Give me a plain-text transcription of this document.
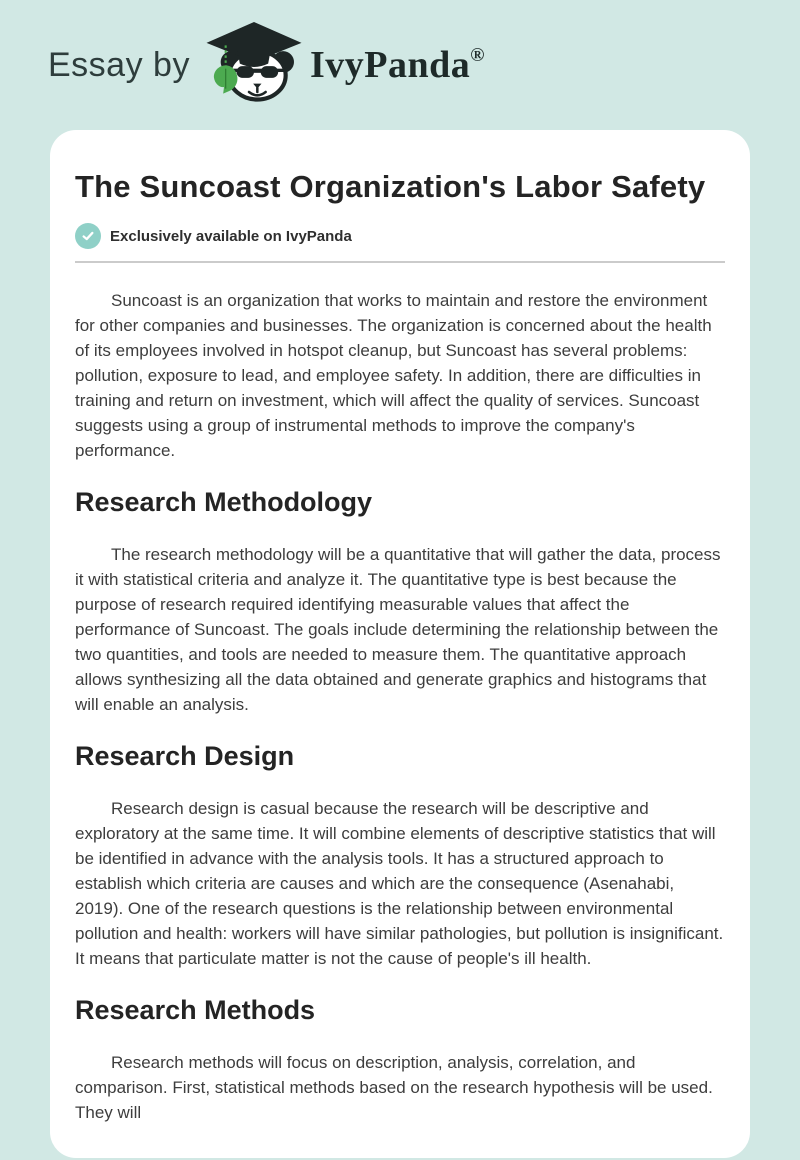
Essay by	IvyPanda®
The Suncoast Organization's Labor Safety
Exclusively available on IvyPanda

Suncoast is an organization that works to maintain and restore the environment for other companies and businesses. The organization is concerned about the health of its employees involved in hotspot cleanup, but Suncoast has several problems: pollution, exposure to lead, and employee safety. In addition, there are difficulties in training and return on investment, which will affect the quality of services. Suncoast suggests using a group of instrumental methods to improve the company's performance.

Research Methodology

The research methodology will be a quantitative that will gather the data, process it with statistical criteria and analyze it. The quantitative type is best because the purpose of research required identifying measurable values that affect the performance of Suncoast. The goals include determining the relationship between the two quantities, and tools are needed to measure them. The quantitative approach allows synthesizing all the data obtained and generate graphics and histograms that will enable an analysis.

Research Design

Research design is casual because the research will be descriptive and exploratory at the same time. It will combine elements of descriptive statistics that will be identified in advance with the analysis tools. It has a structured approach to establish which criteria are causes and which are the consequence (Asenahabi, 2019). One of the research questions is the relationship between environmental pollution and health: workers will have similar pathologies, but pollution is insignificant. It means that particulate matter is not the cause of people's ill health.

Research Methods

Research methods will focus on description, analysis, correlation, and comparison. First, statistical methods based on the research hypothesis will be used. They will
